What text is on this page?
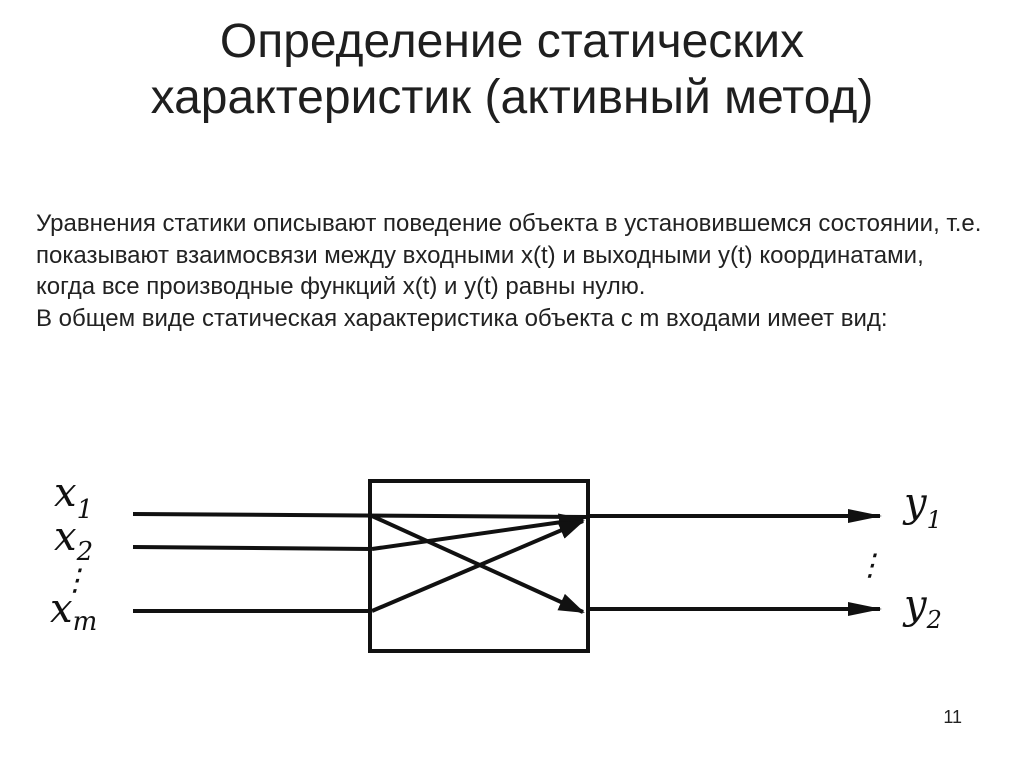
Определение статических
характеристик (активный метод)

Уравнения статики описывают поведение объекта в установившемся состоянии, т.е. показывают взаимосвязи между входными x(t) и выходными y(t) координатами, когда все производные функций x(t) и y(t) равны нулю.

В общем виде статическая характеристика объекта с m входами имеет вид:

$x_1$
$x_2$
⋮
$x_m$
$y_1$
⋮
$y_2$
11
